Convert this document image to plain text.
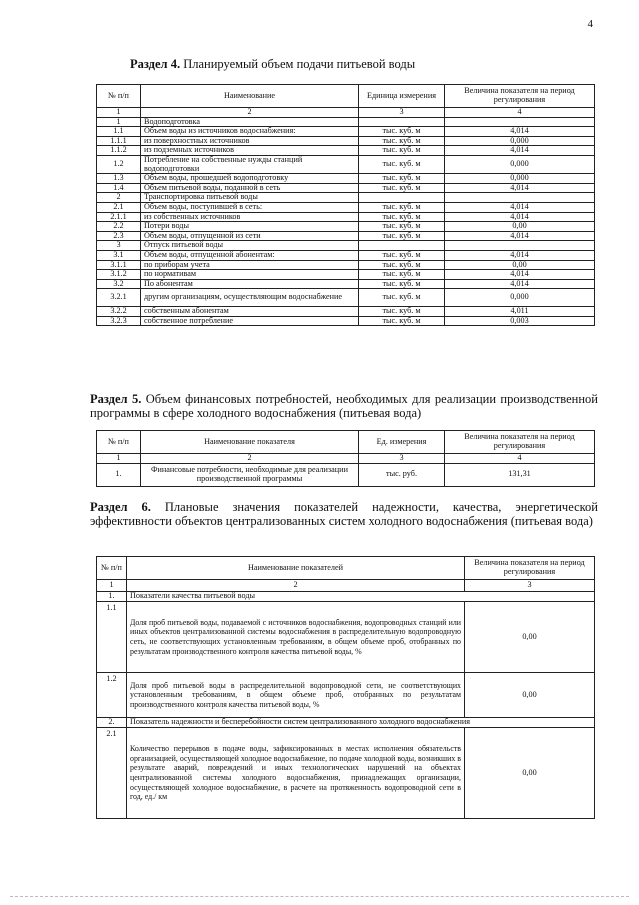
4
Раздел 4. Планируемый объем подачи питьевой воды
№ п/п	Наименование	Единица измерения	Величина показателя на период регулирования
1	2	3	4
1	Водоподготовка		
1.1	Объем воды из источников водоснабжения:	тыс. куб. м	4,014
1.1.1	из поверхностных источников	тыс. куб. м	0,000
1.1.2	из подземных источников	тыс. куб. м	4,014
1.2	Потребление на собственные нужды станций водоподготовки	тыс. куб. м	0,000
1.3	Объем воды, прошедшей водоподготовку	тыс. куб. м	0,000
1.4	Объем питьевой воды, поданной в сеть	тыс. куб. м	4,014
2	Транспортировка питьевой воды		
2.1	Объем воды, поступившей в сеть:	тыс. куб. м	4,014
2.1.1	из собственных источников	тыс. куб. м	4,014
2.2	Потери воды	тыс. куб. м	0,00
2.3	Объем воды, отпущенной из сети	тыс. куб. м	4,014
3	Отпуск питьевой воды		
3.1	Объем воды, отпущенной абонентам:	тыс. куб. м	4,014
3.1.1	по приборам учета	тыс. куб. м	0,00
3.1.2	по нормативам	тыс. куб. м	4,014
3.2	По абонентам	тыс. куб. м	4,014
3.2.1	другим организациям, осуществляющим водоснабжение	тыс. куб. м	0,000
3.2.2	собственным абонентам	тыс. куб. м	4,011
3.2.3	собственное потребление	тыс. куб. м	0,003
Раздел 5. Объем финансовых потребностей, необходимых для реализации производственной программы в сфере холодного водоснабжения (питьевая вода)
№ п/п	Наименование показателя	Ед. измерения	Величина показателя на период регулирования
1	2	3	4
1.	Финансовые потребности, необходимые для реализации производственной программы	тыс. руб.	131,31
Раздел 6. Плановые значения показателей надежности, качества, энергетической эффективности объектов централизованных систем холодного водоснабжения (питьевая вода)
№ п/п	Наименование показателей	Величина показателя на период регулирования
1	2	3
1.	Показатели качества питьевой воды	
1.1	Доля проб питьевой воды, подаваемой с источников водоснабжения, водопроводных станций или иных объектов централизованной системы водоснабжения в распределительную водопроводную сеть, не соответствующих установленным требованиям, в общем объеме проб, отобранных по результатам производственного контроля качества питьевой воды, %	0,00
1.2	Доля проб питьевой воды в распределительной водопроводной сети, не соответствующих установленным требованиям, в общем объеме проб, отобранных по результатам производственного контроля качества питьевой воды, %	0,00
2.	Показатель надежности и бесперебойности систем централизованного холодного водоснабжения	
2.1	Количество перерывов в подаче воды, зафиксированных в местах исполнения обязательств организацией, осуществляющей холодное водоснабжение, по подаче холодной воды, возникших в результате аварий, повреждений и иных технологических нарушений на объектах централизованной системы холодного водоснабжения, принадлежащих организации, осуществляющей холодное водоснабжение, в расчете на протяженность водопроводной сети в год, ед./ км	0,00
